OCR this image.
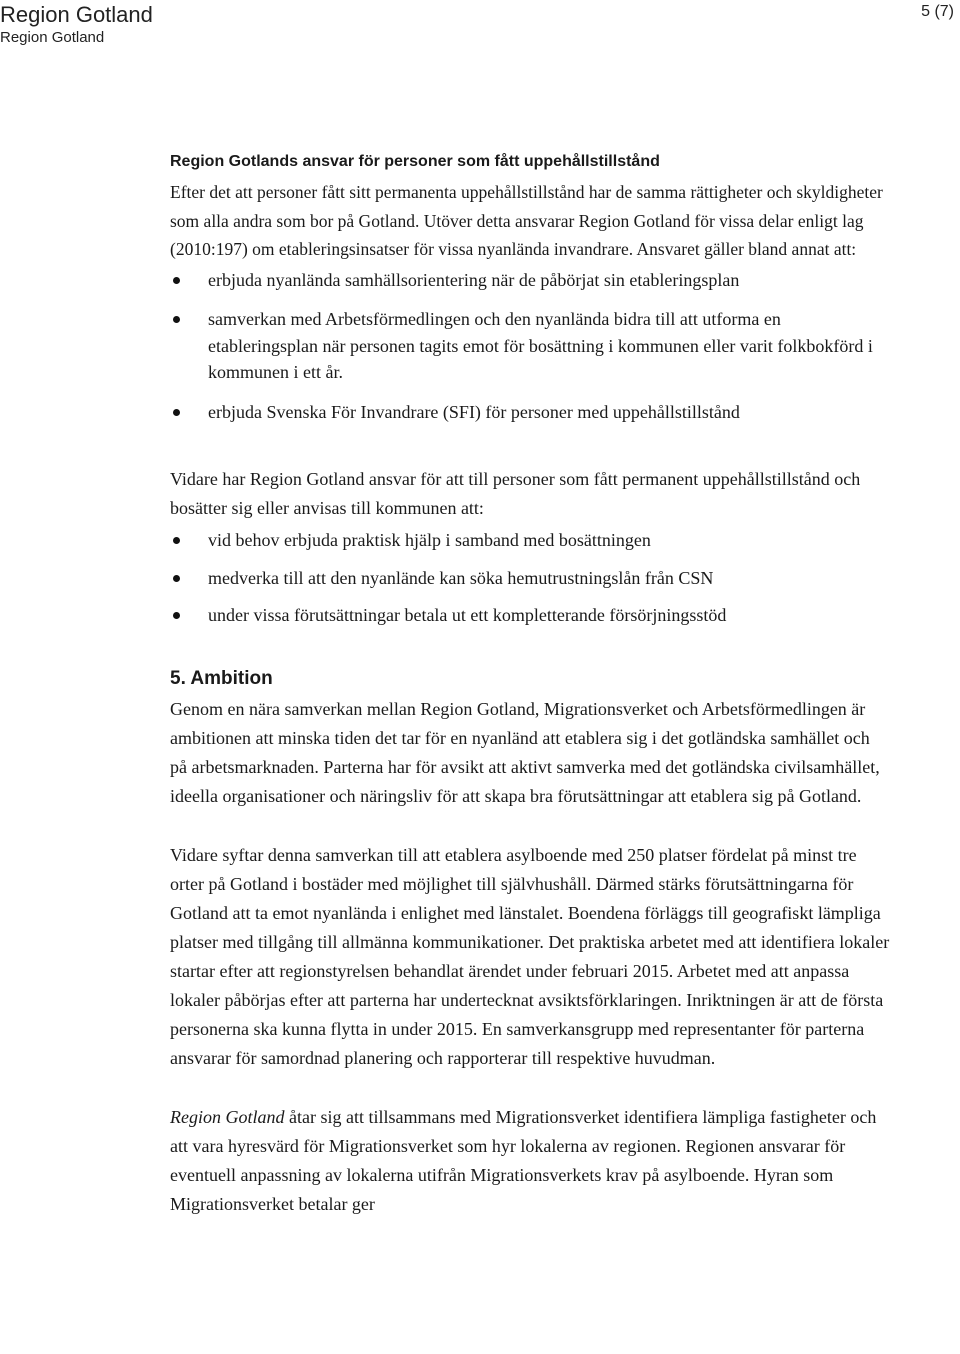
Region Gotland
Region Gotland
5 (7)
Region Gotlands ansvar för personer som fått uppehållstillstånd

Efter det att personer fått sitt permanenta uppehållstillstånd har de samma rättigheter och skyldigheter som alla andra som bor på Gotland. Utöver detta ansvarar Region Gotland för vissa delar enligt lag (2010:197) om etableringsinsatser för vissa nyanlända invandrare. Ansvaret gäller bland annat att:

erbjuda nyanlända samhällsorientering när de påbörjat sin etableringsplan
samverkan med Arbetsförmedlingen och den nyanlända bidra till att utforma en etableringsplan när personen tagits emot för bosättning i kommunen eller varit folkbokförd i kommunen i ett år.
erbjuda Svenska För Invandrare (SFI) för personer med uppehållstillstånd

Vidare har Region Gotland ansvar för att till personer som fått permanent uppehållstillstånd och bosätter sig eller anvisas till kommunen att:

vid behov erbjuda praktisk hjälp i samband med bosättningen
medverka till att den nyanlände kan söka hemutrustningslån från CSN
under vissa förutsättningar betala ut ett kompletterande försörjningsstöd
5. Ambition

Genom en nära samverkan mellan Region Gotland, Migrationsverket och Arbetsförmedlingen är ambitionen att minska tiden det tar för en nyanländ att etablera sig i det gotländska samhället och på arbetsmarknaden. Parterna har för avsikt att aktivt samverka med det gotländska civilsamhället, ideella organisationer och näringsliv för att skapa bra förutsättningar att etablera sig på Gotland.

Vidare syftar denna samverkan till att etablera asylboende med 250 platser fördelat på minst tre orter på Gotland i bostäder med möjlighet till självhushåll. Därmed stärks förutsättningarna för Gotland att ta emot nyanlända i enlighet med länstalet. Boendena förläggs till geografiskt lämpliga platser med tillgång till allmänna kommunikationer. Det praktiska arbetet med att identifiera lokaler startar efter att regionstyrelsen behandlat ärendet under februari 2015. Arbetet med att anpassa lokaler påbörjas efter att parterna har undertecknat avsiktsförklaringen. Inriktningen är att de första personerna ska kunna flytta in under 2015. En samverkansgrupp med representanter för parterna ansvarar för samordnad planering och rapporterar till respektive huvudman.

Region Gotland åtar sig att tillsammans med Migrationsverket identifiera lämpliga fastigheter och att vara hyresvärd för Migrationsverket som hyr lokalerna av regionen. Regionen ansvarar för eventuell anpassning av lokalerna utifrån Migrationsverkets krav på asylboende. Hyran som Migrationsverket betalar ger
